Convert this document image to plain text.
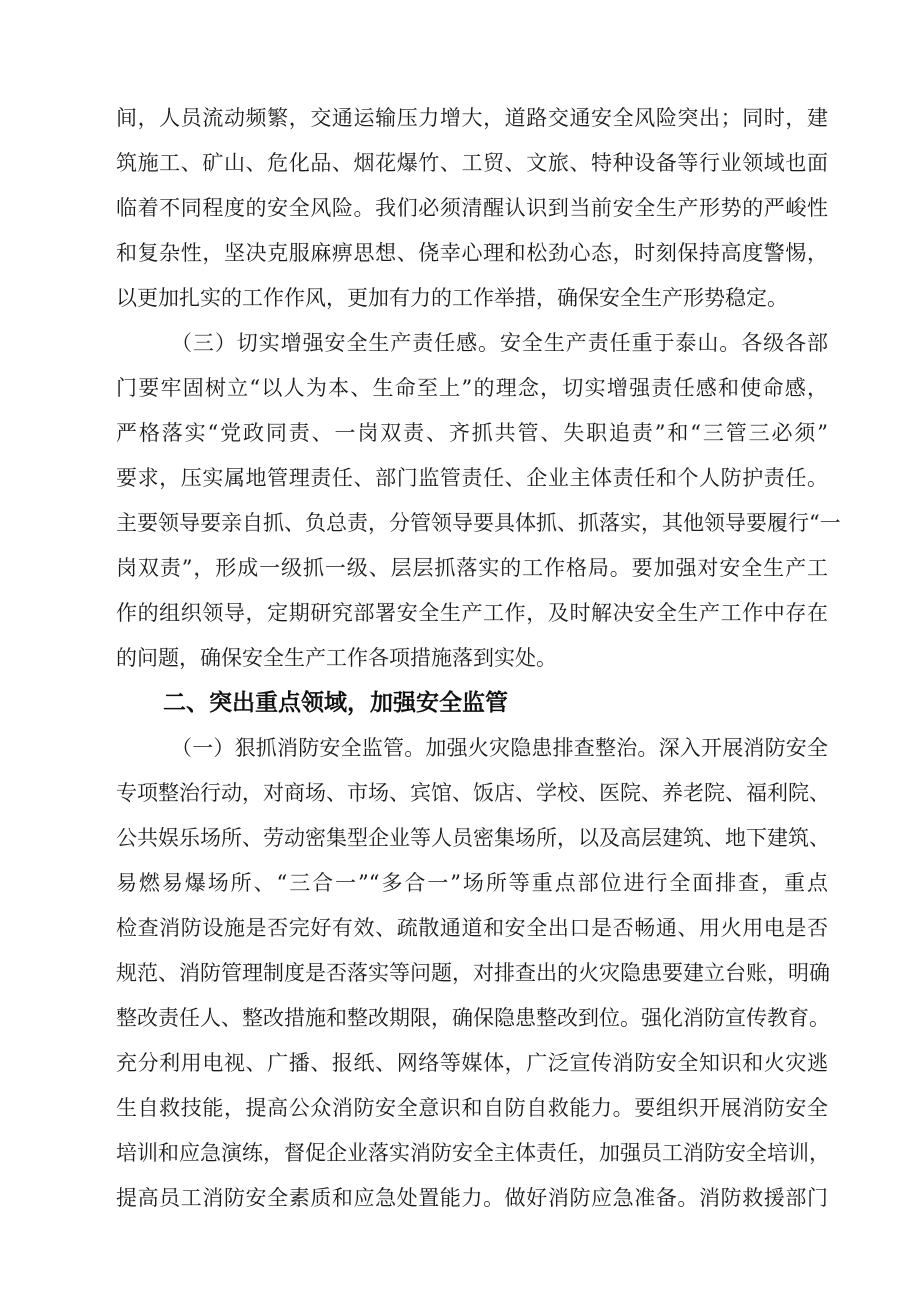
间，人员流动频繁，交通运输压力增大，道路交通安全风险突出；同时，建
筑施工、矿山、危化品、烟花爆竹、工贸、文旅、特种设备等行业领域也面
临着不同程度的安全风险。我们必须清醒认识到当前安全生产形势的严峻性
和复杂性，坚决克服麻痹思想、侥幸心理和松劲心态，时刻保持高度警惕，
以更加扎实的工作作风，更加有力的工作举措，确保安全生产形势稳定。
（三）切实增强安全生产责任感。安全生产责任重于泰山。各级各部
门要牢固树立“以人为本、生命至上”的理念，切实增强责任感和使命感，
严格落实“党政同责、一岗双责、齐抓共管、失职追责”和“三管三必须”
要求，压实属地管理责任、部门监管责任、企业主体责任和个人防护责任。
主要领导要亲自抓、负总责，分管领导要具体抓、抓落实，其他领导要履行“一
岗双责”，形成一级抓一级、层层抓落实的工作格局。要加强对安全生产工
作的组织领导，定期研究部署安全生产工作，及时解决安全生产工作中存在
的问题，确保安全生产工作各项措施落到实处。
二、突出重点领域，加强安全监管
（一）狠抓消防安全监管。加强火灾隐患排查整治。深入开展消防安全
专项整治行动，对商场、市场、宾馆、饭店、学校、医院、养老院、福利院、
公共娱乐场所、劳动密集型企业等人员密集场所，以及高层建筑、地下建筑、
易燃易爆场所、“三合一”“多合一”场所等重点部位进行全面排查，重点
检查消防设施是否完好有效、疏散通道和安全出口是否畅通、用火用电是否
规范、消防管理制度是否落实等问题，对排查出的火灾隐患要建立台账，明确
整改责任人、整改措施和整改期限，确保隐患整改到位。强化消防宣传教育。
充分利用电视、广播、报纸、网络等媒体，广泛宣传消防安全知识和火灾逃
生自救技能，提高公众消防安全意识和自防自救能力。要组织开展消防安全
培训和应急演练，督促企业落实消防安全主体责任，加强员工消防安全培训，
提高员工消防安全素质和应急处置能力。做好消防应急准备。消防救援部门
